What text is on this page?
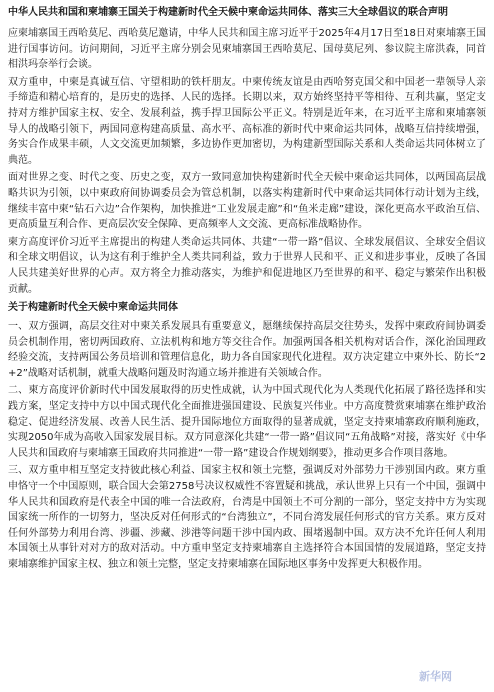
中华人民共和国和柬埔寨王国关于构建新时代全天候中柬命运共同体、落实三大全球倡议的联合声明

应柬埔寨国王西哈莫尼、西哈莫尼邀请，中华人民共和国主席习近平于2025年4月17日至18日对柬埔寨王国进行国事访问。访问期间，习近平主席分别会见柬埔寨国王西哈莫尼、国母莫尼列、参议院主席洪森，同首相洪玛奈举行会谈。

双方重申，中柬是真诚互信、守望相助的铁杆朋友。中柬传统友谊是由西哈努克国父和中国老一辈领导人亲手缔造和精心培育的，是历史的选择、人民的选择。长期以来，双方始终坚持平等相待、互利共赢，坚定支持对方维护国家主权、安全、发展利益，携手捍卫国际公平正义。特别是近年来，在习近平主席和柬埔寨领导人的战略引领下，两国同意构建高质量、高水平、高标准的新时代中柬命运共同体，战略互信持续增强，务实合作成果丰硕，人文交流更加频繁，多边协作更加密切，为构建新型国际关系和人类命运共同体树立了典范。

面对世界之变、时代之变、历史之变，双方一致同意加快构建新时代全天候中柬命运共同体，以两国高层战略共识为引领，以中柬政府间协调委员会为管总机制，以落实构建新时代中柬命运共同体行动计划为主线，继续丰富中柬“钻石六边”合作架构，加快推进“工业发展走廊”和“鱼米走廊”建设，深化更高水平政治互信、更高质量互利合作、更高层次安全保障、更高频率人文交流、更高标准战略协作。

柬方高度评价习近平主席提出的构建人类命运共同体、共建“一带一路”倡议、全球发展倡议、全球安全倡议和全球文明倡议，认为这有利于维护全人类共同利益，致力于世界人民和平、正义和进步事业，反映了各国人民共建美好世界的心声。双方将全力推动落实，为维护和促进地区乃至世界的和平、稳定与繁荣作出积极贡献。

关于构建新时代全天候中柬命运共同体

一、双方强调，高层交往对中柬关系发展具有重要意义，愿继续保持高层交往势头，发挥中柬政府间协调委员会机制作用，密切两国政府、立法机构和地方等交往合作。加强两国各相关机构对话合作，深化治国理政经验交流，支持两国公务员培训和管理信息化，助力各自国家现代化进程。双方决定建立中柬外长、防长“2+2”战略对话机制，就重大战略问题及时沟通立场并推进有关领域合作。

二、柬方高度评价新时代中国发展取得的历史性成就，认为中国式现代化为人类现代化拓展了路径选择和实践方案，坚定支持中方以中国式现代化全面推进强国建设、民族复兴伟业。中方高度赞赏柬埔寨在维护政治稳定、促进经济发展、改善人民生活、提升国际地位方面取得的显著成就，坚定支持柬埔寨政府顺利施政，实现2050年成为高收入国家发展目标。双方同意深化共建“一带一路”倡议同“五角战略”对接，落实好《中华人民共和国政府与柬埔寨王国政府共同推进“一带一路”建设合作规划纲要》，推动更多合作项目落地。

三、双方重申相互坚定支持彼此核心利益、国家主权和领土完整，强调反对外部势力干涉别国内政。柬方重申恪守一个中国原则，联合国大会第2758号决议权威性不容置疑和挑战，承认世界上只有一个中国，强调中华人民共和国政府是代表全中国的唯一合法政府，台湾是中国领土不可分割的一部分，坚定支持中方为实现国家统一所作的一切努力，坚决反对任何形式的“台湾独立”，不同台湾发展任何形式的官方关系。柬方反对任何外部势力利用台湾、涉疆、涉藏、涉港等问题干涉中国内政、围堵遏制中国。双方决不允许任何人利用本国领土从事针对对方的敌对活动。中方重申坚定支持柬埔寨自主选择符合本国国情的发展道路，坚定支持柬埔寨维护国家主权、独立和领土完整，坚定支持柬埔寨在国际地区事务中发挥更大积极作用。

新华网
